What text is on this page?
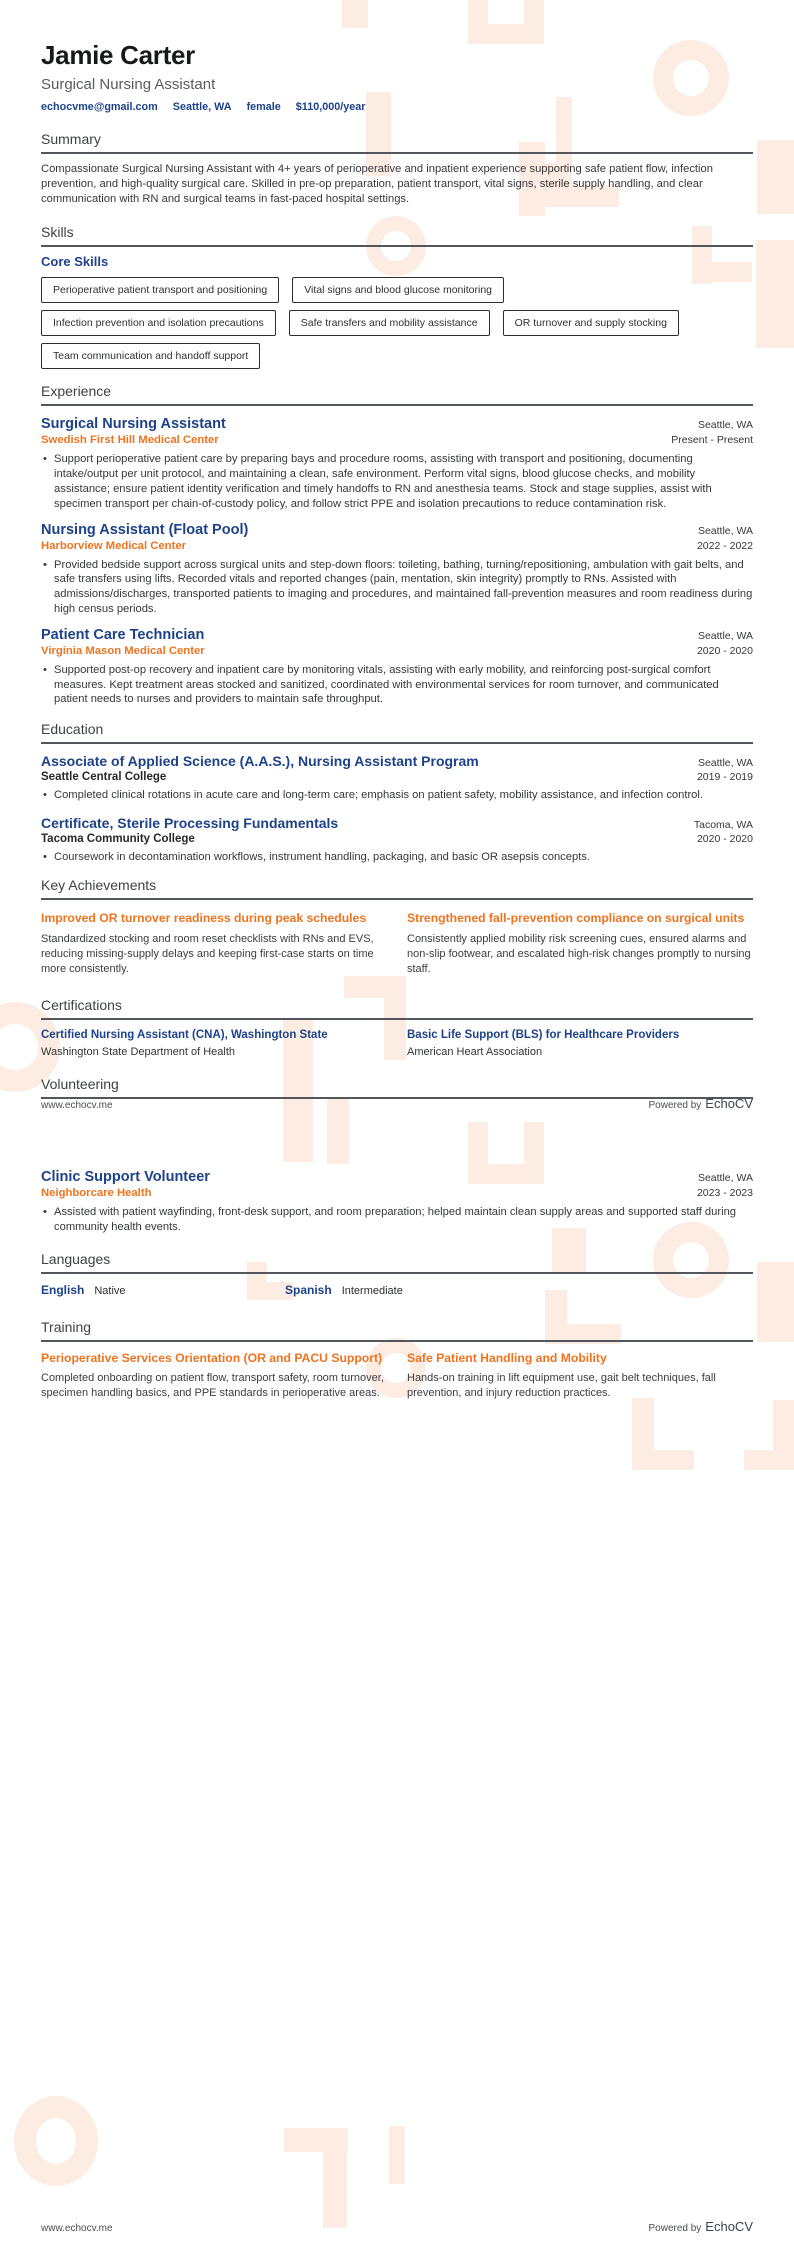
Jamie Carter
Surgical Nursing Assistant
echocvme@gmail.com Seattle, WA female $110,000/year
Summary
Compassionate Surgical Nursing Assistant with 4+ years of perioperative and inpatient experience supporting safe patient flow, infection prevention, and high-quality surgical care. Skilled in pre-op preparation, patient transport, vital signs, sterile supply handling, and clear communication with RN and surgical teams in fast-paced hospital settings.
Skills
Core Skills
Perioperative patient transport and positioning	Vital signs and blood glucose monitoring
Infection prevention and isolation precautions	Safe transfers and mobility assistance	OR turnover and supply stocking
Team communication and handoff support
Experience
Surgical Nursing Assistant	Seattle, WA
Swedish First Hill Medical Center	Present - Present
• Support perioperative patient care by preparing bays and procedure rooms, assisting with transport and positioning, documenting intake/output per unit protocol, and maintaining a clean, safe environment. Perform vital signs, blood glucose checks, and mobility assistance; ensure patient identity verification and timely handoffs to RN and anesthesia teams. Stock and stage supplies, assist with specimen transport per chain-of-custody policy, and follow strict PPE and isolation precautions to reduce contamination risk.
Nursing Assistant (Float Pool)	Seattle, WA
Harborview Medical Center	2022 - 2022
• Provided bedside support across surgical units and step-down floors: toileting, bathing, turning/repositioning, ambulation with gait belts, and safe transfers using lifts. Recorded vitals and reported changes (pain, mentation, skin integrity) promptly to RNs. Assisted with admissions/discharges, transported patients to imaging and procedures, and maintained fall-prevention measures and room readiness during high census periods.
Patient Care Technician	Seattle, WA
Virginia Mason Medical Center	2020 - 2020
• Supported post-op recovery and inpatient care by monitoring vitals, assisting with early mobility, and reinforcing post-surgical comfort measures. Kept treatment areas stocked and sanitized, coordinated with environmental services for room turnover, and communicated patient needs to nurses and providers to maintain safe throughput.
Education
Associate of Applied Science (A.A.S.), Nursing Assistant Program	Seattle, WA
Seattle Central College	2019 - 2019
• Completed clinical rotations in acute care and long-term care; emphasis on patient safety, mobility assistance, and infection control.
Certificate, Sterile Processing Fundamentals	Tacoma, WA
Tacoma Community College	2020 - 2020
• Coursework in decontamination workflows, instrument handling, packaging, and basic OR asepsis concepts.
Key Achievements
Improved OR turnover readiness during peak schedules
Standardized stocking and room reset checklists with RNs and EVS, reducing missing-supply delays and keeping first-case starts on time more consistently.
Strengthened fall-prevention compliance on surgical units
Consistently applied mobility risk screening cues, ensured alarms and non-slip footwear, and escalated high-risk changes promptly to nursing staff.
Certifications
Certified Nursing Assistant (CNA), Washington State
Washington State Department of Health
Basic Life Support (BLS) for Healthcare Providers
American Heart Association
Volunteering
www.echocv.me	Powered by EchoCV
Clinic Support Volunteer	Seattle, WA
Neighborcare Health	2023 - 2023
• Assisted with patient wayfinding, front-desk support, and room preparation; helped maintain clean supply areas and supported staff during community health events.
Languages
English Native	Spanish Intermediate
Training
Perioperative Services Orientation (OR and PACU Support)
Completed onboarding on patient flow, transport safety, room turnover, specimen handling basics, and PPE standards in perioperative areas.
Safe Patient Handling and Mobility
Hands-on training in lift equipment use, gait belt techniques, fall prevention, and injury reduction practices.
www.echocv.me	Powered by EchoCV
